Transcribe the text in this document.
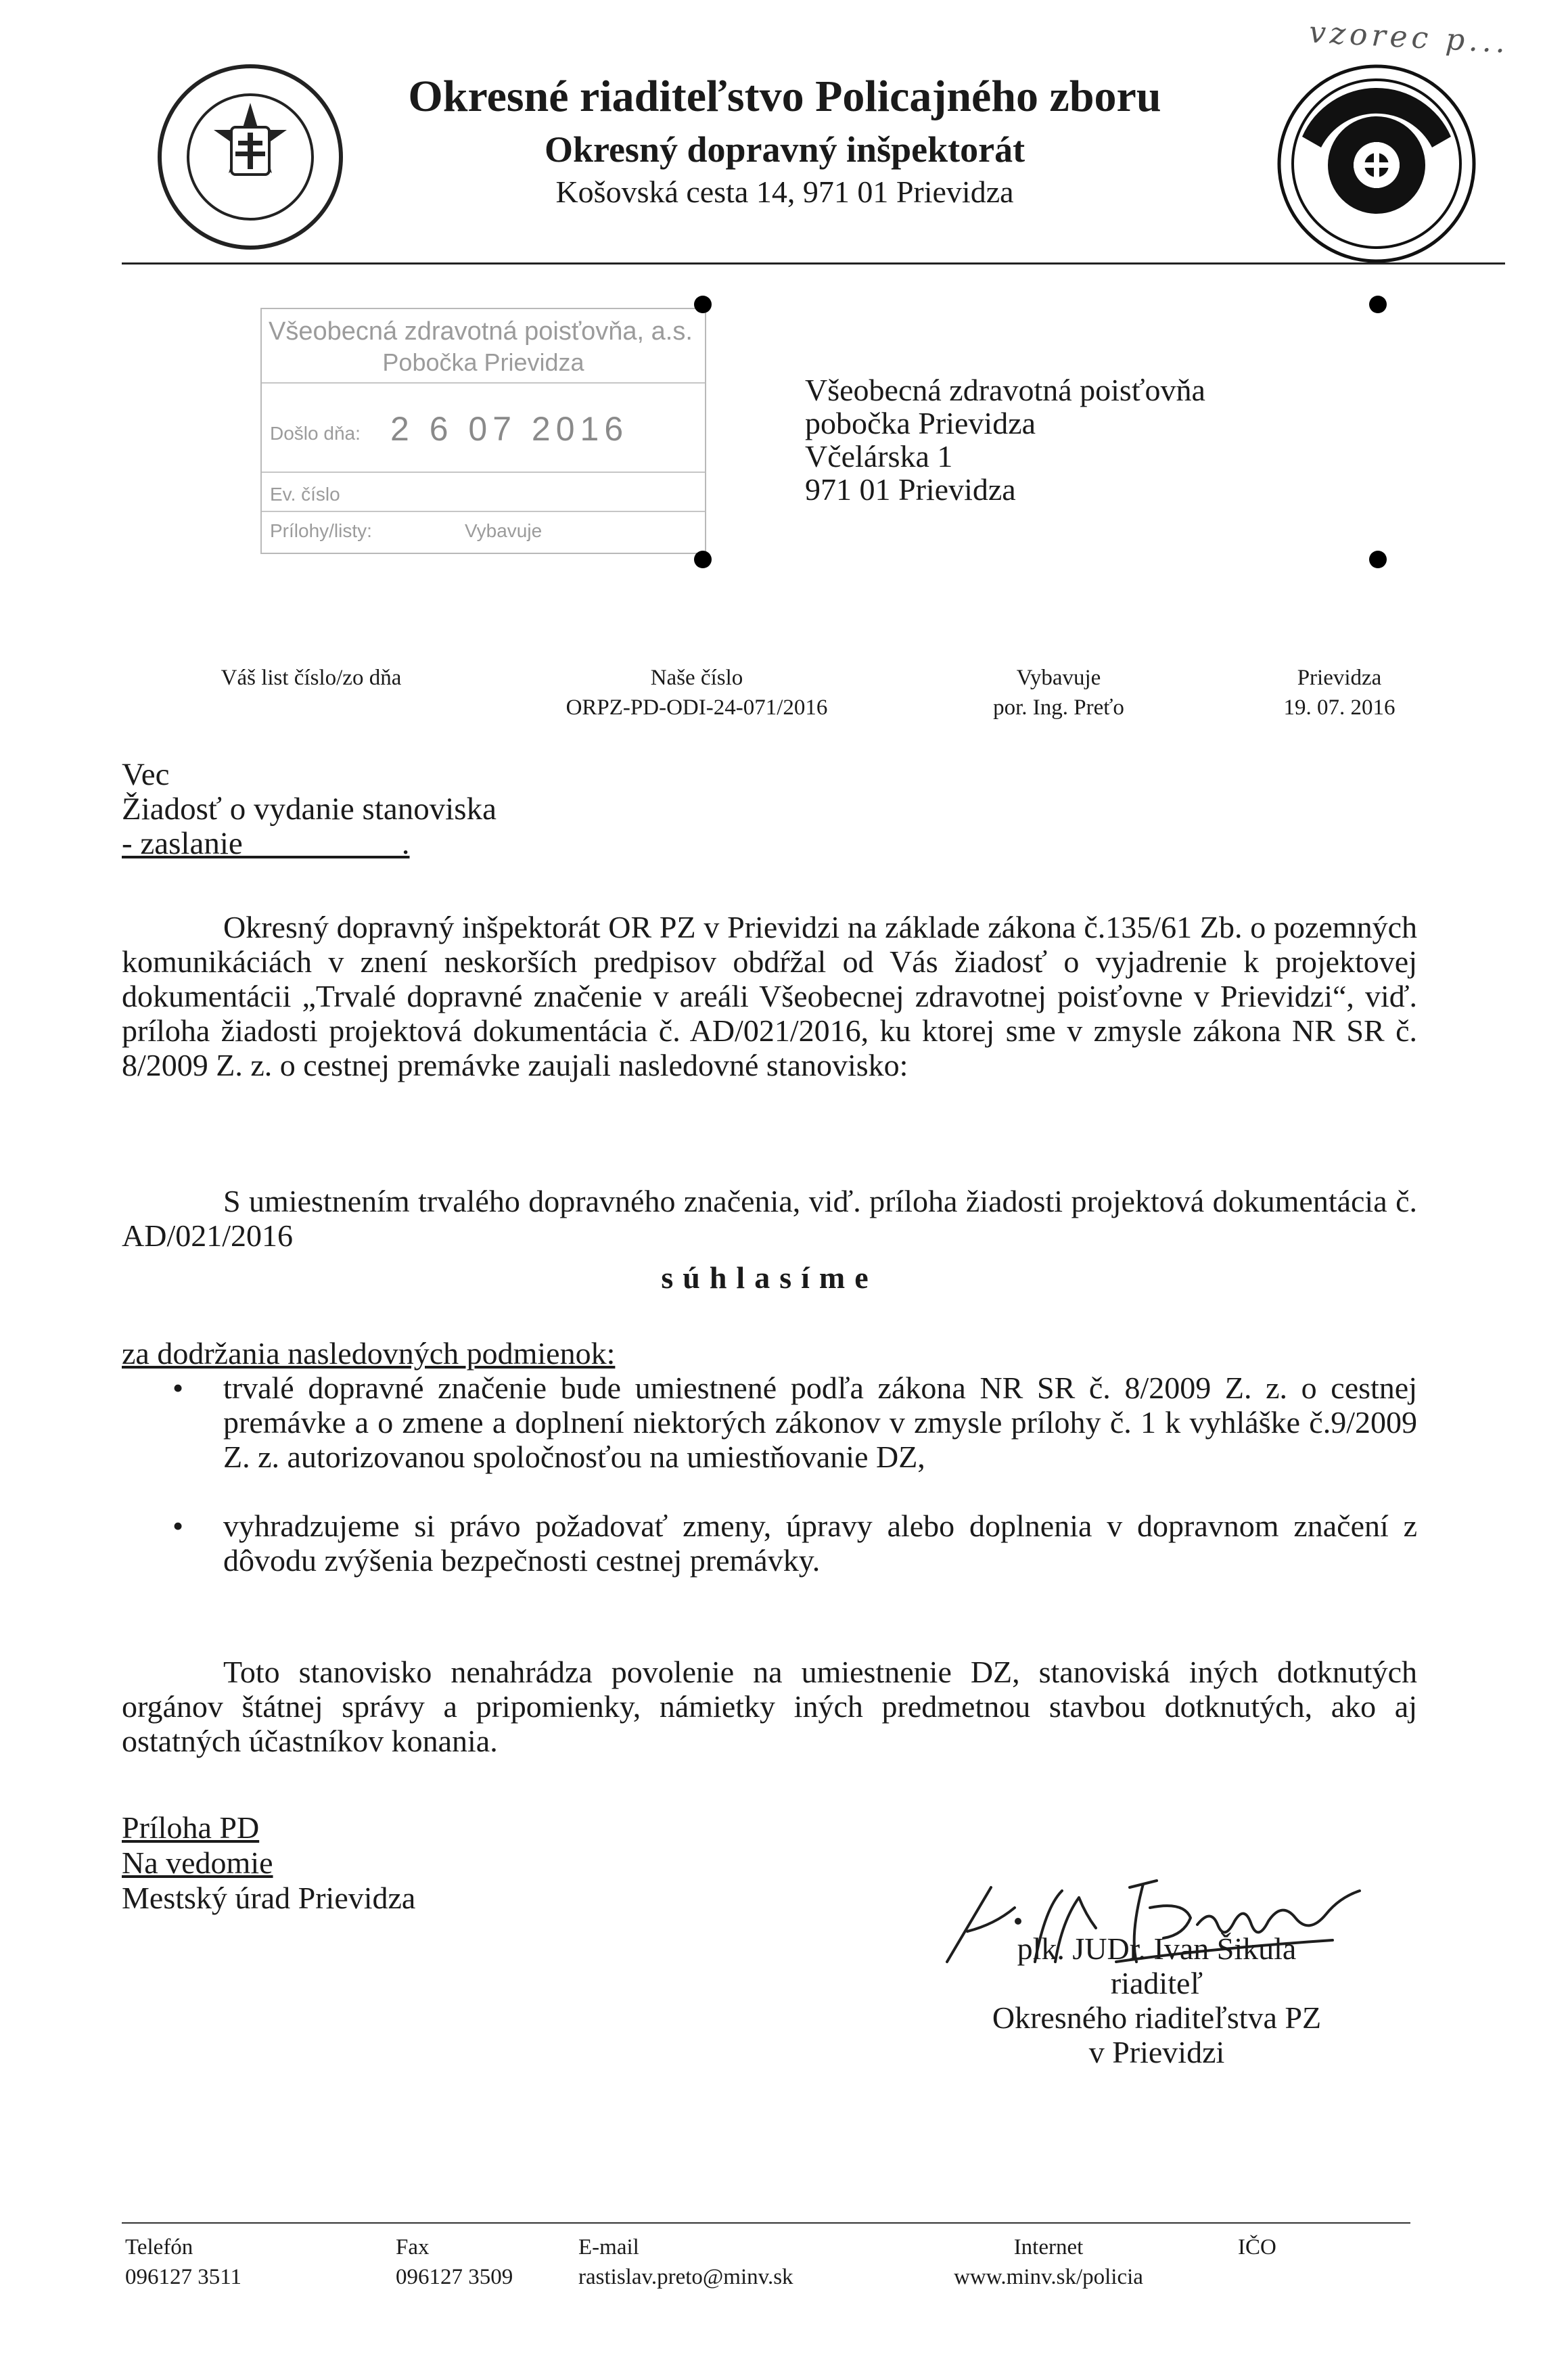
Okresné riaditeľstvo Policajného zboru
Okresný dopravný inšpektorát
Košovská cesta 14, 971 01 Prievidza
vzorec p...
Všeobecná zdravotná poisťovňa, a.s.
Pobočka Prievidza
Došlo dňa: 2 6 07 2016
Ev. číslo
Prílohy/listy:	Vybavuje
Všeobecná zdravotná poisťovňa
pobočka Prievidza
Včelárska 1
971 01 Prievidza
Váš list číslo/zo dňa	Naše číslo
ORPZ-PD-ODI-24-071/2016
Vybavuje
por. Ing. Preťo
Prievidza
19. 07. 2016
Vec
Žiadosť o vydanie stanoviska
- zaslanie                    .
Okresný dopravný inšpektorát OR PZ v Prievidzi na základe zákona č.135/61 Zb. o pozemných komunikáciách v znení neskorších predpisov obdŕžal od Vás žiadosť o vyjadrenie k projektovej dokumentácii „Trvalé dopravné značenie v areáli Všeobecnej zdravotnej poisťovne v Prievidzi“, viď. príloha žiadosti projektová dokumentácia č. AD/021/2016, ku ktorej sme v zmysle zákona NR SR č. 8/2009 Z. z. o cestnej premávke zaujali nasledovné stanovisko:
S umiestnením trvalého dopravného značenia, viď. príloha žiadosti projektová dokumentácia č. AD/021/2016
súhlasíme
za dodržania nasledovných podmienok:
• trvalé dopravné značenie bude umiestnené podľa zákona NR SR č. 8/2009 Z. z. o cestnej premávke a o zmene a doplnení niektorých zákonov v zmysle prílohy č. 1 k vyhláške č.9/2009 Z. z. autorizovanou spoločnosťou na umiestňovanie DZ,
• vyhradzujeme si právo požadovať zmeny, úpravy alebo doplnenia v dopravnom značení z dôvodu zvýšenia bezpečnosti cestnej premávky.
Toto stanovisko nenahrádza povolenie na umiestnenie DZ, stanoviská iných dotknutých orgánov štátnej správy a pripomienky, námietky iných predmetnou stavbou dotknutých, ako aj ostatných účastníkov konania.
Príloha PD
Na vedomie
Mestský úrad Prievidza
plk. JUDr. Ivan Šikula
riaditeľ
Okresného riaditeľstva PZ
v Prievidzi
Telefón
096127 3511
Fax
096127 3509
E-mail
rastislav.preto@minv.sk
Internet
www.minv.sk/policia
IČO
